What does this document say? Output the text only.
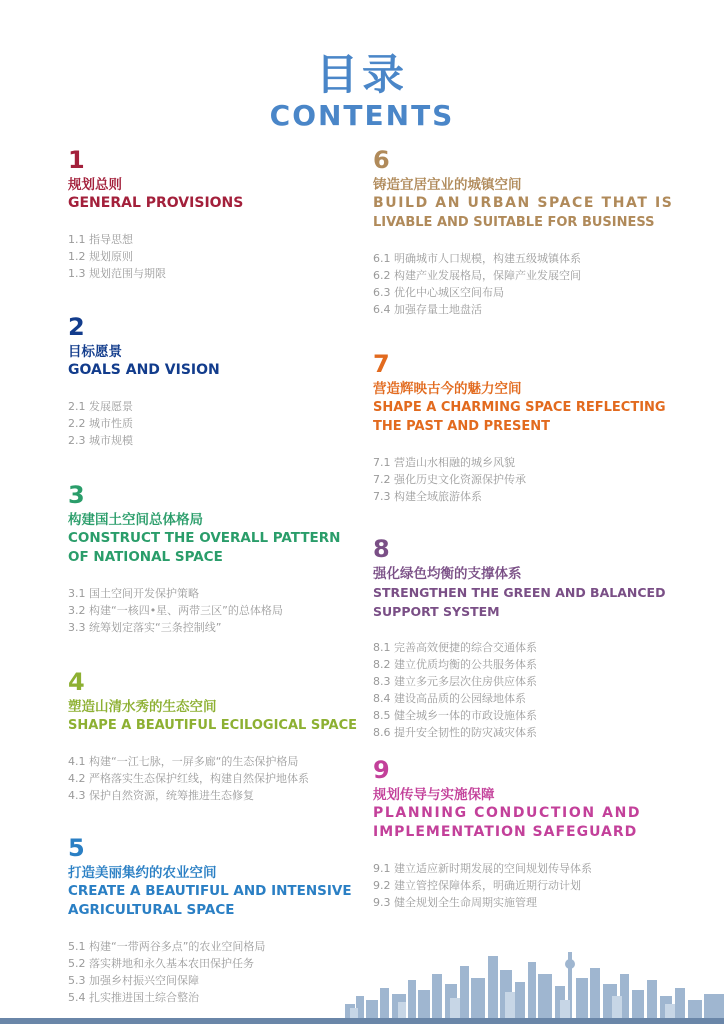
目录
CONTENTS
1
规划总则
GENERAL PROVISIONS
1.1 指导思想
1.2 规划原则
1.3 规划范围与期限
2
目标愿景
GOALS AND VISION
2.1 发展愿景
2.2 城市性质
2.3 城市规模
3
构建国土空间总体格局
CONSTRUCT THE OVERALL PATTERN
OF NATIONAL SPACE
3.1 国土空间开发保护策略
3.2 构建“一核四•星、两带三区”的总体格局
3.3 统筹划定落实“三条控制线”
4
塑造山清水秀的生态空间
SHAPE A BEAUTIFUL ECILOGICAL SPACE
4.1 构建“一江七脉，一屏多廊“的生态保护格局
4.2 严格落实生态保护红线，构建自然保护地体系
4.3 保护自然资源，统筹推进生态修复
5
打造美丽集约的农业空间
CREATE A BEAUTIFUL AND INTENSIVE
AGRICULTURAL SPACE
5.1 构建“一带两谷多点”的农业空间格局
5.2 落实耕地和永久基本农田保护任务
5.3 加强乡村振兴空间保障
5.4 扎实推进国土综合整治
6
铸造宜居宜业的城镇空间
BUILD AN URBAN SPACE THAT IS
LIVABLE AND SUITABLE FOR BUSINESS
6.1 明确城市人口规模，构建五级城镇体系
6.2 构建产业发展格局，保障产业发展空间
6.3 优化中心城区空间布局
6.4 加强存量土地盘活
7
营造辉映古今的魅力空间
SHAPE A CHARMING SPACE REFLECTING
THE PAST AND PRESENT
7.1 营造山水相融的城乡风貌
7.2 强化历史文化资源保护传承
7.3 构建全域旅游体系
8
强化绿色均衡的支撑体系
STRENGTHEN THE GREEN AND BALANCED
SUPPORT SYSTEM
8.1 完善高效便捷的综合交通体系
8.2 建立优质均衡的公共服务体系
8.3 建立多元多层次住房供应体系
8.4 建设高品质的公园绿地体系
8.5 健全城乡一体的市政设施体系
8.6 提升安全韧性的防灾减灾体系
9
规划传导与实施保障
PLANNING CONDUCTION AND
IMPLEMENTATION SAFEGUARD
9.1 建立适应新时期发展的空间规划传导体系
9.2 建立管控保障体系，明确近期行动计划
9.3 健全规划全生命周期实施管理
